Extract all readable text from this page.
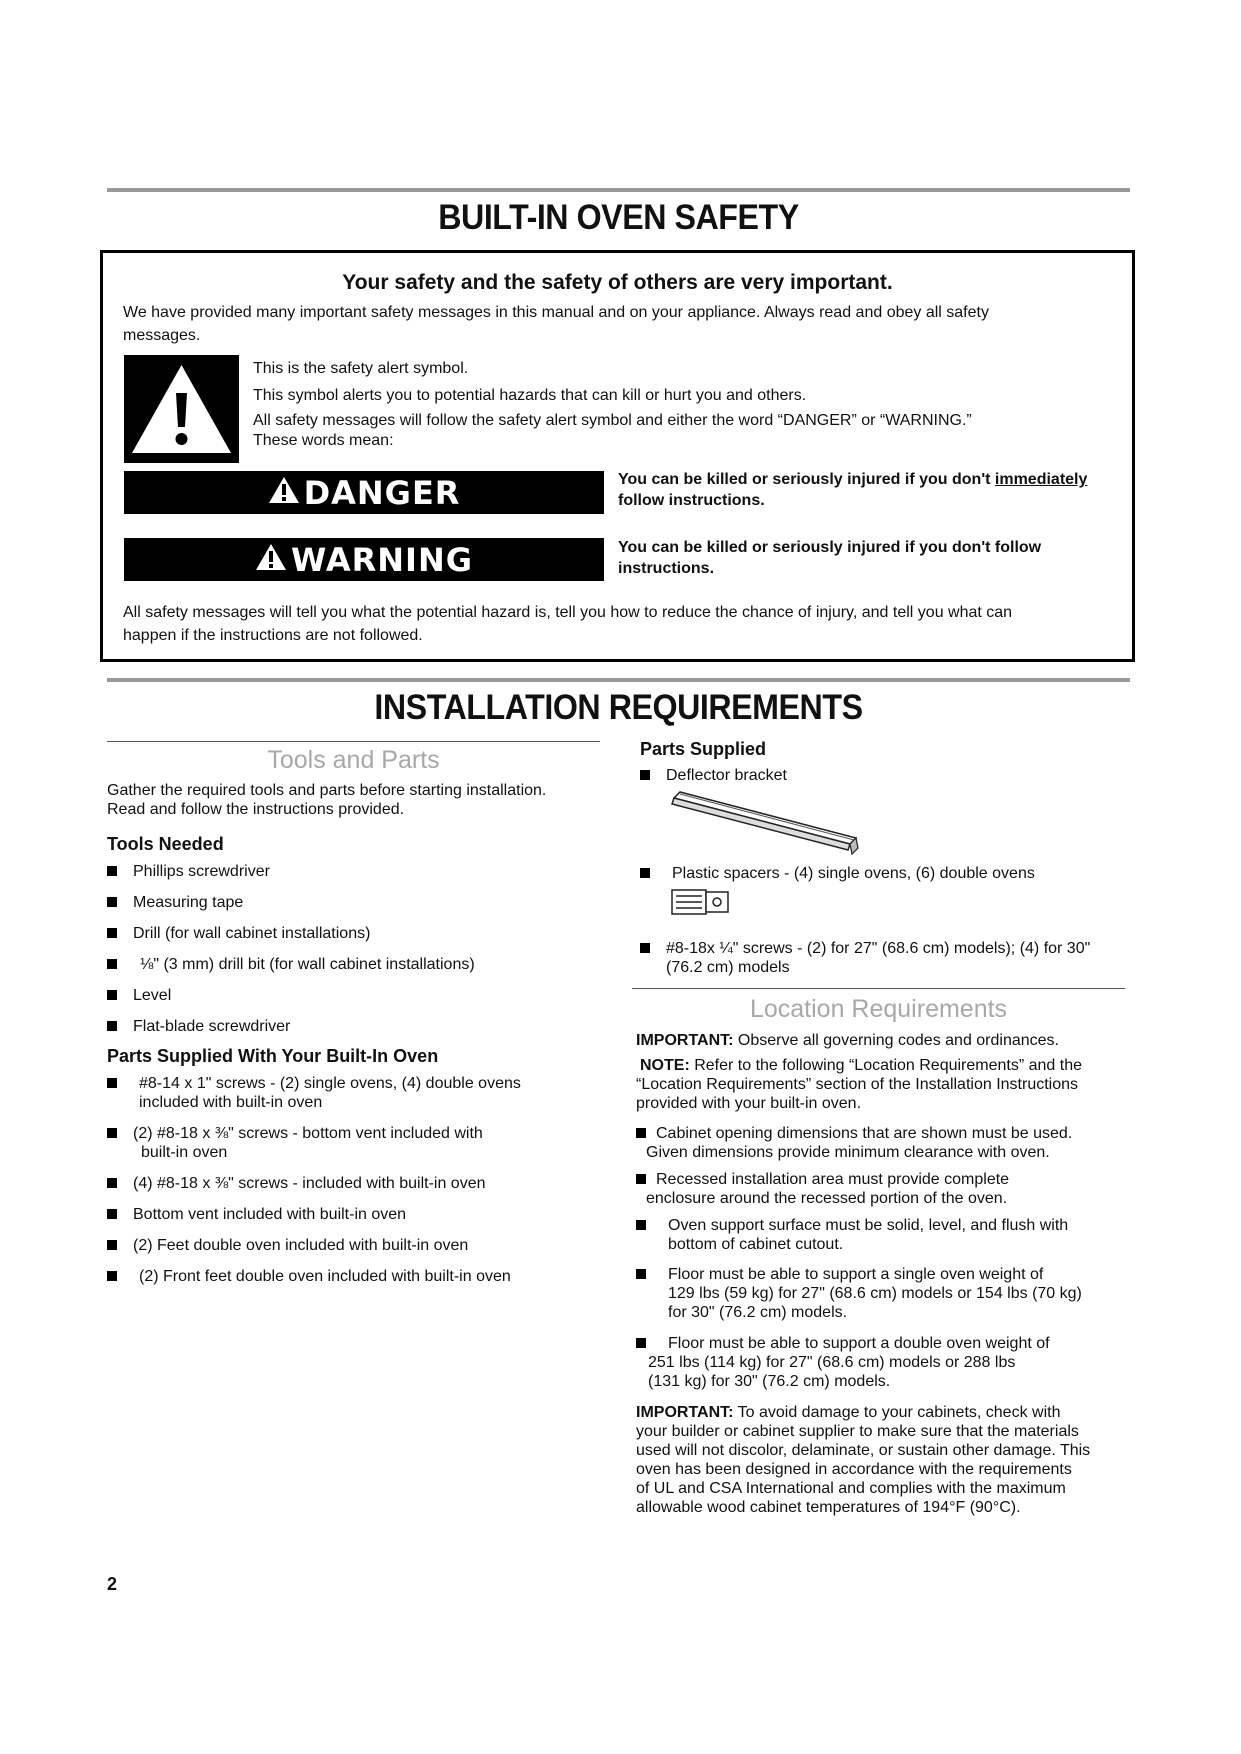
BUILT-IN OVEN SAFETY
Your safety and the safety of others are very important.
We have provided many important safety messages in this manual and on your appliance. Always read and obey all safety
messages.
This is the safety alert symbol.
This symbol alerts you to potential hazards that can kill or hurt you and others.
All safety messages will follow the safety alert symbol and either the word “DANGER” or “WARNING.”
These words mean:
DANGER	You can be killed or seriously injured if you don't immediately
follow instructions.
WARNING	You can be killed or seriously injured if you don't follow
instructions.
All safety messages will tell you what the potential hazard is, tell you how to reduce the chance of injury, and tell you what can
happen if the instructions are not followed.
INSTALLATION REQUIREMENTS
Tools and Parts
Gather the required tools and parts before starting installation.
Read and follow the instructions provided.
Tools Needed
Phillips screwdriver
Measuring tape
Drill (for wall cabinet installations)
⅛" (3 mm) drill bit (for wall cabinet installations)
Level
Flat-blade screwdriver
Parts Supplied With Your Built-In Oven
#8-14 x 1" screws - (2) single ovens, (4) double ovens
included with built-in oven
(2) #8-18 x ⅜" screws - bottom vent included with
built-in oven
(4) #8-18 x ⅜" screws - included with built-in oven
Bottom vent included with built-in oven
(2) Feet double oven included with built-in oven
(2) Front feet double oven included with built-in oven
Parts Supplied
Deflector bracket
Plastic spacers - (4) single ovens, (6) double ovens
#8-18x ¼" screws - (2) for 27" (68.6 cm) models); (4) for 30"
(76.2 cm) models
Location Requirements
IMPORTANT: Observe all governing codes and ordinances.
NOTE: Refer to the following “Location Requirements” and the
“Location Requirements” section of the Installation Instructions
provided with your built-in oven.
Cabinet opening dimensions that are shown must be used.
Given dimensions provide minimum clearance with oven.
Recessed installation area must provide complete
enclosure around the recessed portion of the oven.
Oven support surface must be solid, level, and flush with
bottom of cabinet cutout.
Floor must be able to support a single oven weight of
129 lbs (59 kg) for 27" (68.6 cm) models or 154 lbs (70 kg)
for 30" (76.2 cm) models.
Floor must be able to support a double oven weight of
251 lbs (114 kg) for 27" (68.6 cm) models or 288 lbs
(131 kg) for 30" (76.2 cm) models.
IMPORTANT: To avoid damage to your cabinets, check with
your builder or cabinet supplier to make sure that the materials
used will not discolor, delaminate, or sustain other damage. This
oven has been designed in accordance with the requirements
of UL and CSA International and complies with the maximum
allowable wood cabinet temperatures of 194°F (90°C).
2
